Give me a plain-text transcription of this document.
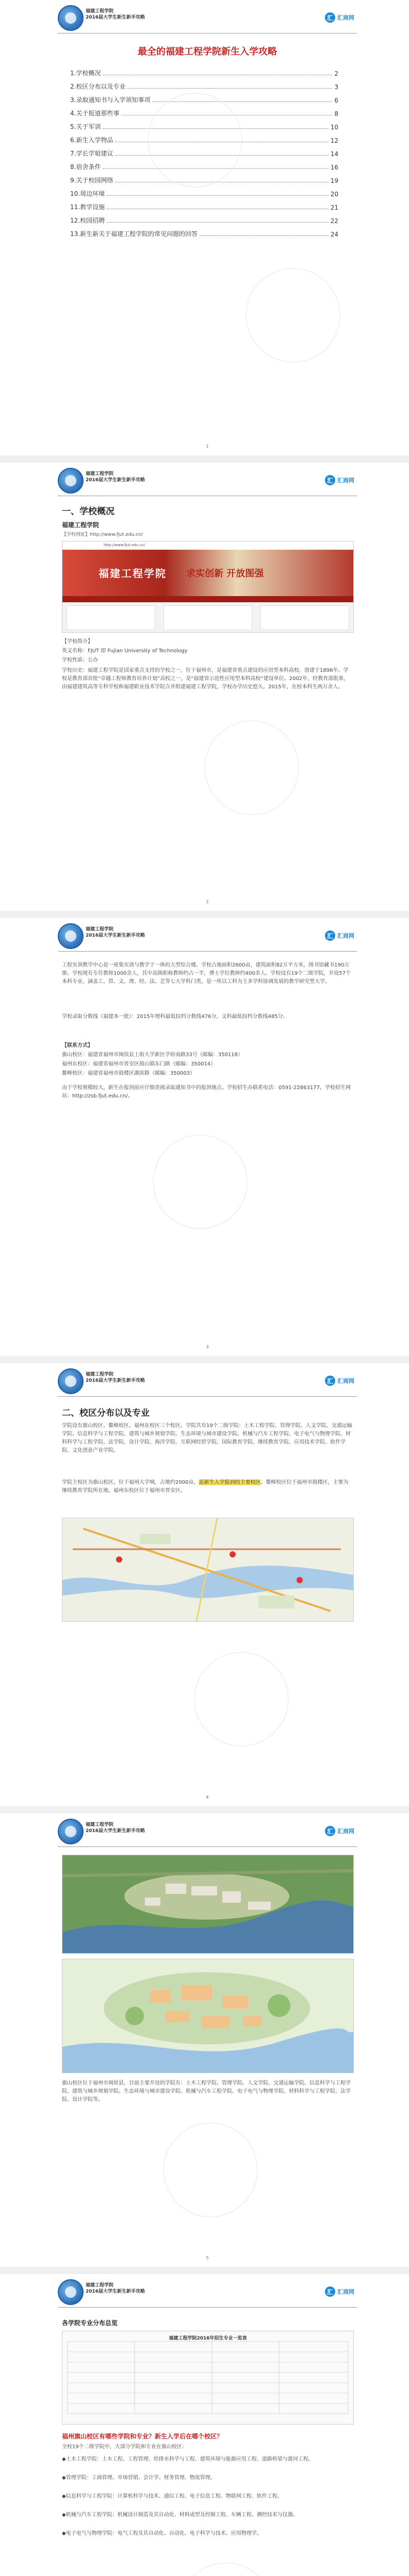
福建工程学院
2016届大学生新生新手攻略	汇 汇商网
最全的福建工程学院新生入学攻略
1.学校概况	2
2.校区分布以及专业	3
3.录取通知书与入学须知事项	6
4.关于报道那些事	8
5.关于军训	10
6.新生入学物品	12
7.学长学姐建议	14
8.宿舍条件	16
9.关于校园网络	19
10.周边环境	20
11.教学设施	21
12.校园招聘	22
13.新生新关于福建工程学院的常见问题的回答	24
1
福建工程学院
2016届大学生新生新手攻略	汇 汇商网
一、学校概况
福建工程学院
【学校网址】http://www.fjut.edu.cn/
http://www.fjut.edu.cn/
福建工程学院 求实创新 开放图强
【学校简介】
英文名称：FJUT 即 Fujian University of Technology
学校性质：公办

学校历史：福建工程学院是国家重点支持的学校之一，位于福州市，是福建省重点建设的应用型本科高校，创建于1896年。学校是教育部首批“卓越工程师教育培养计划”高校之一，是“福建省示范性应用型本科高校”建设单位。2002年，经教育部批准，由福建建筑高等专科学校和福建职业技术学院合并组建福建工程学院，学校办学历史悠久。2015年，在校本科生两万余人。

2
福建工程学院
2016届大学生新生新手攻略	汇 汇商网

工程实训教学中心是一座集实训与教学于一体的大型综合楼。学校占地面积2600亩，建筑面积82万平方米，图书馆藏书190万册。学校现有专任教师1000余人，其中高级职称教师约占一半，博士学位教师约400余人。学校设有19个二级学院，开设57个本科专业，涵盖工、管、文、理、经、法、艺等七大学科门类，是一所以工科为主多学科协调发展的教学研究型大学。

学校录取分数线（福建本一批）：2015年理科最低投档分数线476分，文科最低投档分数线485分。

【联系方式】
旗山校区：福建省福州市闽侯县上街大学新区学府南路33号（邮编：350118）
福州东校区：福建省福州市晋安区鼓山镇东门路（邮编：350014）
鳌峰校区：福建省福州市鼓楼区湖滨路（邮编：350003）

由于学校规模较大，新生在报到前应仔细查阅录取通知书中的报到地点。学校招生办联系电话：0591-22863177，学校招生网站：http://zsb.fjut.edu.cn/。

3
福建工程学院
2016届大学生新生新手攻略	汇 汇商网
二、校区分布以及专业

学院设有旗山校区、鳌峰校区、福州东校区三个校区。学院共有19个二级学院：土木工程学院、管理学院、人文学院、交通运输学院、信息科学与工程学院、建筑与城乡规划学院、生态环境与城市建设学院、机械与汽车工程学院、电子电气与物理学院、材料科学与工程学院、法学院、设计学院、海洋学院、互联网经贸学院、国际教育学院、继续教育学院、应用技术学院、软件学院、文化创意产业学院。

学院主校区为旗山校区，位于福州大学城，占地约2000亩，是新生入学报到的主要校区。鳌峰校区位于福州市鼓楼区，主要为继续教育学院所在地。福州东校区位于福州市晋安区。

4
福建工程学院
2016届大学生新生新手攻略	汇 汇商网

旗山校区位于福州市闽侯县，目前主要开设的学院有：土木工程学院、管理学院、人文学院、交通运输学院、信息科学与工程学院、建筑与城乡规划学院、生态环境与城市建设学院、机械与汽车工程学院、电子电气与物理学院、材料科学与工程学院、法学院、设计学院等。

5
福建工程学院
2016届大学生新生新手攻略	汇 汇商网
各学院专业分布总览
福建工程学院2016年招生专业一览表
福州旗山校区有哪些学院和专业？新生入学后在哪个校区？

全校19个二级学院中，大部分学院和专业在旗山校区：

◆土木工程学院：土木工程、工程管理、给排水科学与工程、建筑环境与能源应用工程、道路桥梁与渡河工程。

◆管理学院：工商管理、市场营销、会计学、财务管理、物流管理。

◆信息科学与工程学院：计算机科学与技术、通信工程、电子信息工程、物联网工程、软件工程。

◆机械与汽车工程学院：机械设计制造及其自动化、材料成型及控制工程、车辆工程、测控技术与仪器。

◆电子电气与物理学院：电气工程及其自动化、自动化、电子科学与技术、应用物理学。
